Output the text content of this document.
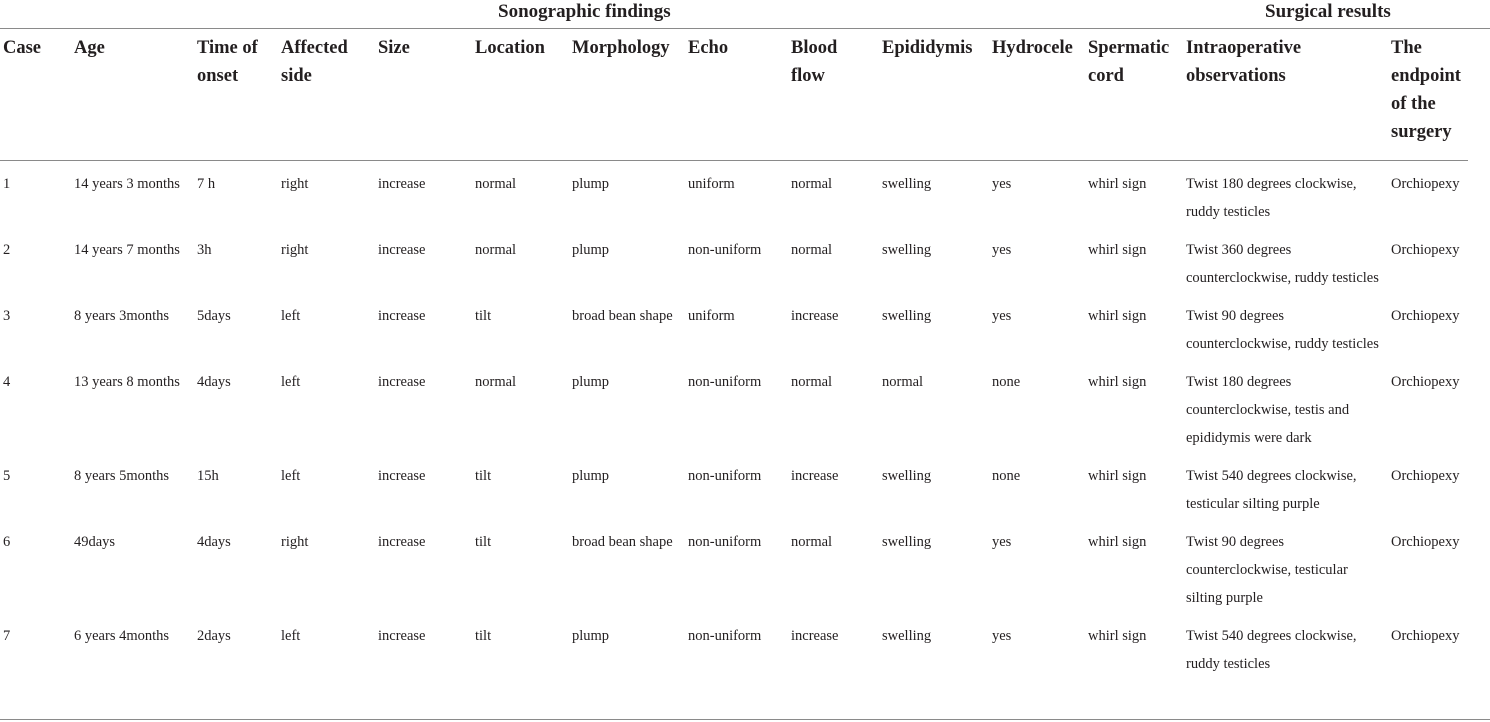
Sonographic findings	Surgical results
Case	Age	Time of onset	Affected side	Size	Location	Morphology	Echo	Blood flow	Epididymis	Hydrocele	Spermatic cord	Intraoperative observations	The endpoint of the surgery
1	14 years 3 months	7 h	right	increase	normal	plump	uniform	normal	swelling	yes	whirl sign	Twist 180 degrees clockwise, ruddy testicles	Orchiopexy
2	14 years 7 months	3h	right	increase	normal	plump	non-uniform	normal	swelling	yes	whirl sign	Twist 360 degrees counterclockwise, ruddy testicles	Orchiopexy
3	8 years 3months	5days	left	increase	tilt	broad bean shape	uniform	increase	swelling	yes	whirl sign	Twist 90 degrees counterclockwise, ruddy testicles	Orchiopexy
4	13 years 8 months	4days	left	increase	normal	plump	non-uniform	normal	normal	none	whirl sign	Twist 180 degrees counterclockwise, testis and epididymis were dark	Orchiopexy
5	8 years 5months	15h	left	increase	tilt	plump	non-uniform	increase	swelling	none	whirl sign	Twist 540 degrees clockwise, testicular silting purple	Orchiopexy
6	49days	4days	right	increase	tilt	broad bean shape	non-uniform	normal	swelling	yes	whirl sign	Twist 90 degrees counterclockwise, testicular silting purple	Orchiopexy
7	6 years 4months	2days	left	increase	tilt	plump	non-uniform	increase	swelling	yes	whirl sign	Twist 540 degrees clockwise, ruddy testicles	Orchiopexy
